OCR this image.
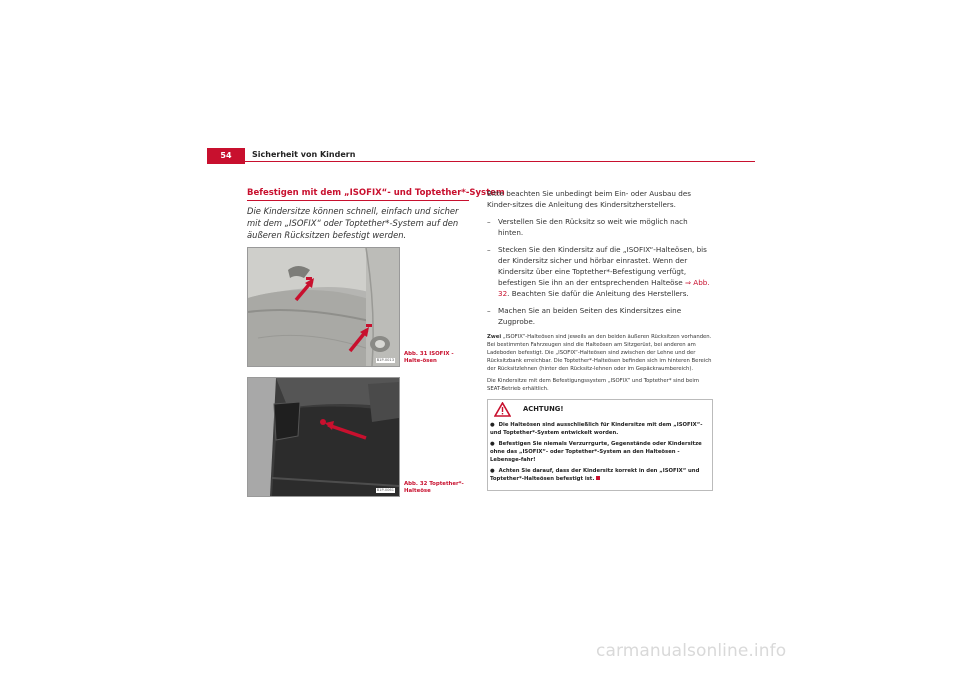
54	Sicherheit von Kindern
Befestigen mit dem „ISOFIX“- und Toptether*-System
Die Kindersitze können schnell, einfach und sicher mit dem „ISOFIX“ oder Toptether*-System auf den äußeren Rücksitzen befestigt werden.
B1P-0013
Abb. 31 ISOFIX -Halte-ösen
B1P-0061
Abb. 32 Toptether*-Halteöse

Bitte beachten Sie unbedingt beim Ein- oder Ausbau des Kinder-sitzes die Anleitung des Kindersitzherstellers.

–	Verstellen Sie den Rücksitz so weit wie möglich nach hinten.
–	Stecken Sie den Kindersitz auf die „ISOFIX“-Halteösen, bis der Kindersitz sicher und hörbar einrastet. Wenn der Kindersitz über eine Toptether*-Befestigung verfügt, befestigen Sie ihn an der entsprechenden Halteöse ⇒ Abb. 32. Beachten Sie dafür die Anleitung des Herstellers.
–	Machen Sie an beiden Seiten des Kindersitzes eine Zugprobe.

Zwei „ISOFIX“-Halteösen sind jeweils an den beiden äußeren Rücksitzen vorhanden. Bei bestimmten Fahrzeugen sind die Halteösen am Sitzgerüst, bei anderen am Ladeboden befestigt. Die „ISOFIX“-Halteösen sind zwischen der Lehne und der Rücksitzbank erreichbar. Die Toptether*-Halteösen befinden sich im hinteren Bereich der Rücksitzlehnen (hinter den Rücksitz-lehnen oder im Gepäckraumbereich).

Die Kindersitze mit dem Befestigungssystem „ISOFIX“ und Toptether* sind beim SEAT-Betrieb erhältlich.

ACHTUNG!
● Die Halteösen sind ausschließlich für Kindersitze mit dem „ISOFIX“- und Toptether*-System entwickelt worden.
● Befestigen Sie niemals Verzurrgurte, Gegenstände oder Kindersitze ohne das „ISOFIX“- oder Toptether*-System an den Halteösen - Lebensge-fahr!
● Achten Sie darauf, dass der Kindersitz korrekt in den „ISOFIX“ und Toptether*-Halteösen befestigt ist.
carmanualsonline.info
